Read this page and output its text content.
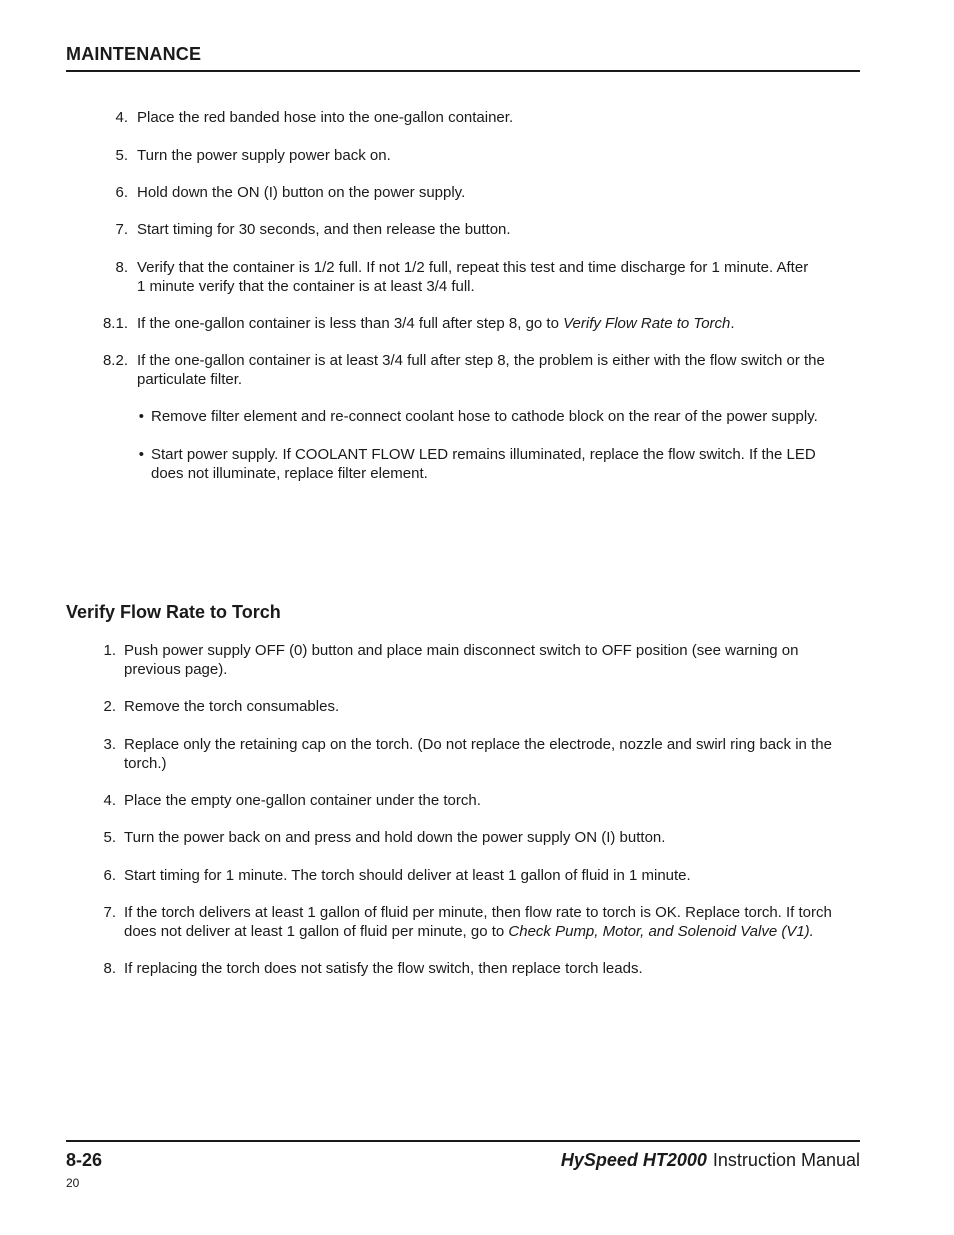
MAINTENANCE
4. Place the red banded hose into the one-gallon container.
5. Turn the power supply power back on.
6. Hold down the ON (I) button on the power supply.
7. Start timing for 30 seconds, and then release the button.
8. Verify that the container is 1/2 full. If not 1/2 full, repeat this test and time discharge for 1 minute. After
1 minute verify that the container is at least 3/4 full.
8.1. If the one-gallon container is less than 3/4 full after step 8, go to Verify Flow Rate to Torch.
8.2. If the one-gallon container is at least 3/4 full after step 8, the problem is either with the flow switch or the
particulate filter.
• Remove filter element and re-connect coolant hose to cathode block on the rear of the power supply.
• Start power supply. If COOLANT FLOW LED remains illuminated, replace the flow switch. If the LED
does not illuminate, replace filter element.
Verify Flow Rate to Torch
1. Push power supply OFF (0) button and place main disconnect switch to OFF position (see warning on
previous page).
2. Remove the torch consumables.
3. Replace only the retaining cap on the torch. (Do not replace the electrode, nozzle and swirl ring back in the
torch.)
4. Place the empty one-gallon container under the torch.
5. Turn the power back on and press and hold down the power supply ON (I) button.
6. Start timing for 1 minute. The torch should deliver at least 1 gallon of fluid in 1 minute.
7. If the torch delivers at least 1 gallon of fluid per minute, then flow rate to torch is OK. Replace torch. If torch
does not deliver at least 1 gallon of fluid per minute, go to Check Pump, Motor, and Solenoid Valve (V1).
8. If replacing the torch does not satisfy the flow switch, then replace torch leads.
8-26
20
HySpeed HT2000 Instruction Manual
